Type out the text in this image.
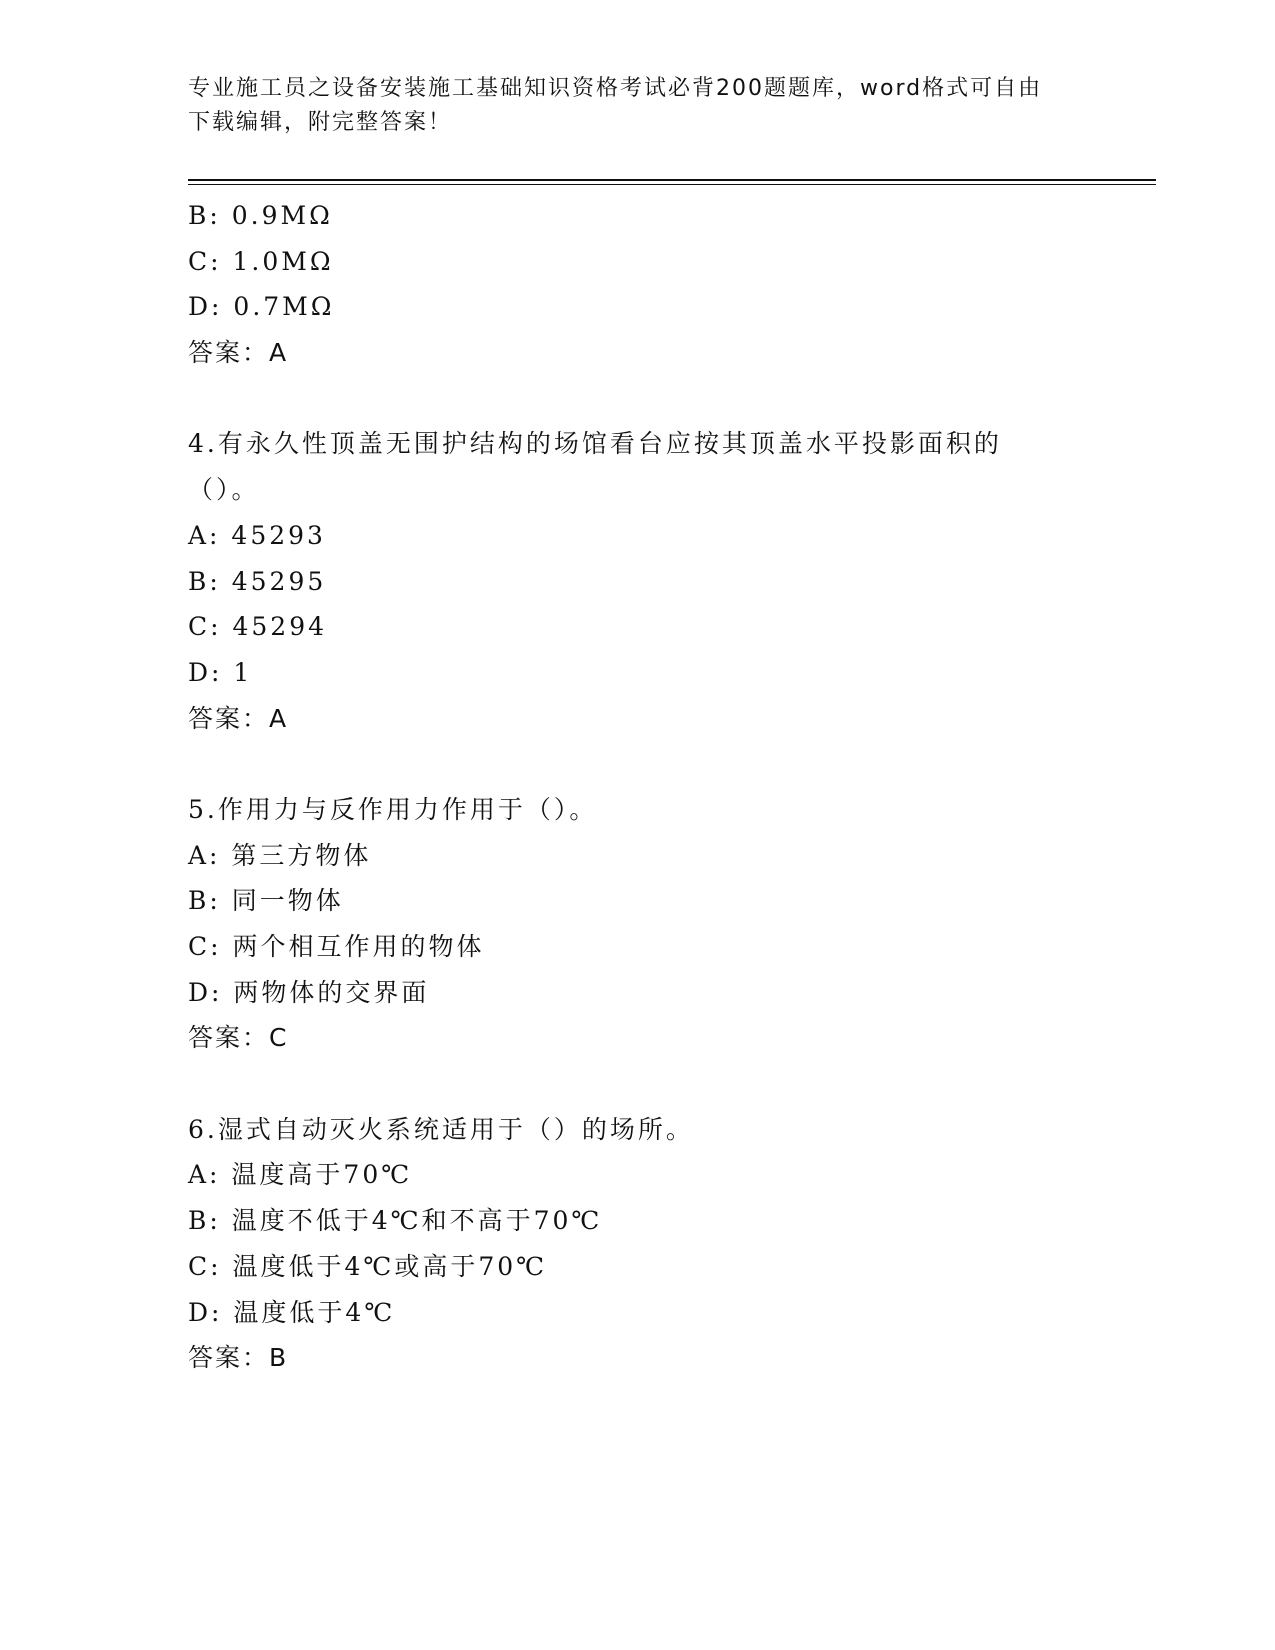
专业施工员之设备安装施工基础知识资格考试必背200题题库，word格式可自由
下载编辑，附完整答案！
B: 0.9MΩ
C: 1.0MΩ
D: 0.7MΩ
答案：A
4.有永久性顶盖无围护结构的场馆看台应按其顶盖水平投影面积的（）。
A: 45293
B: 45295
C: 45294
D: 1
答案：A
5.作用力与反作用力作用于（）。
A: 第三方物体
B: 同一物体
C: 两个相互作用的物体
D: 两物体的交界面
答案：C
6.湿式自动灭火系统适用于（）的场所。
A: 温度高于70℃
B: 温度不低于4℃和不高于70℃
C: 温度低于4℃或高于70℃
D: 温度低于4℃
答案：B
